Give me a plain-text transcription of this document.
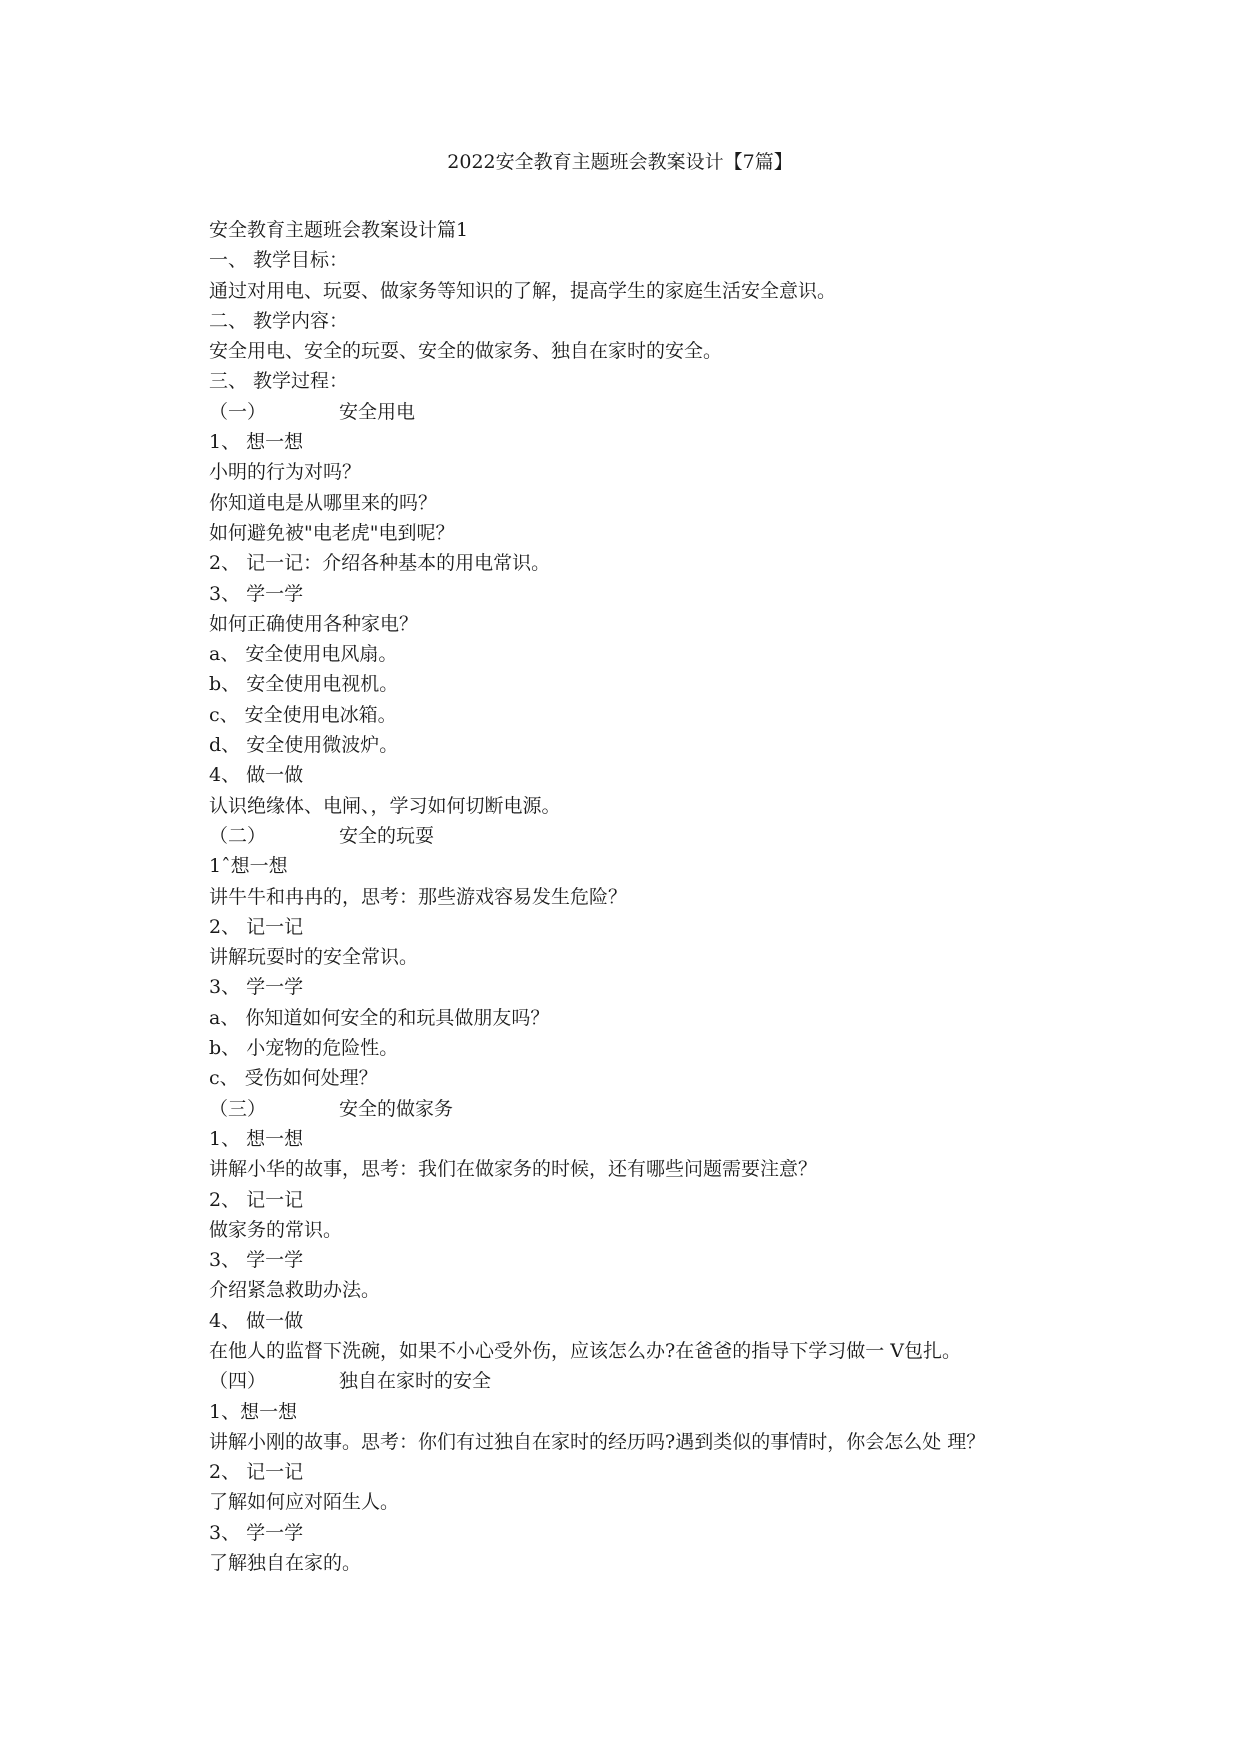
2022安全教育主题班会教案设计【7篇】
安全教育主题班会教案设计篇1
一、 教学目标：
通过对用电、玩耍、做家务等知识的了解，提高学生的家庭生活安全意识。
二、 教学内容：
安全用电、安全的玩耍、安全的做家务、独自在家时的安全。
三、 教学过程：
（一）	安全用电
1、 想一想
小明的行为对吗？
你知道电是从哪里来的吗？
如何避免被"电老虎"电到呢？
2、 记一记：介绍各种基本的用电常识。
3、 学一学
如何正确使用各种家电？
a、 安全使用电风扇。
b、 安全使用电视机。
c、 安全使用电冰箱。
d、 安全使用微波炉。
4、 做一做
认识绝缘体、电闸、，学习如何切断电源。
（二）	安全的玩耍
1ˆ想一想
讲牛牛和冉冉的，思考：那些游戏容易发生危险？
2、 记一记
讲解玩耍时的安全常识。
3、 学一学
a、 你知道如何安全的和玩具做朋友吗？
b、 小宠物的危险性。
c、 受伤如何处理？
（三）	安全的做家务
1、 想一想
讲解小华的故事，思考：我们在做家务的时候，还有哪些问题需要注意？
2、 记一记
做家务的常识。
3、 学一学
介绍紧急救助办法。
4、 做一做
在他人的监督下洗碗，如果不小心受外伤，应该怎么办?在爸爸的指导下学习做一 V包扎。
（四）	独自在家时的安全
1、想一想
讲解小刚的故事。思考：你们有过独自在家时的经历吗?遇到类似的事情时，你会怎么处 理？
2、 记一记
了解如何应对陌生人。
3、 学一学
了解独自在家的。
